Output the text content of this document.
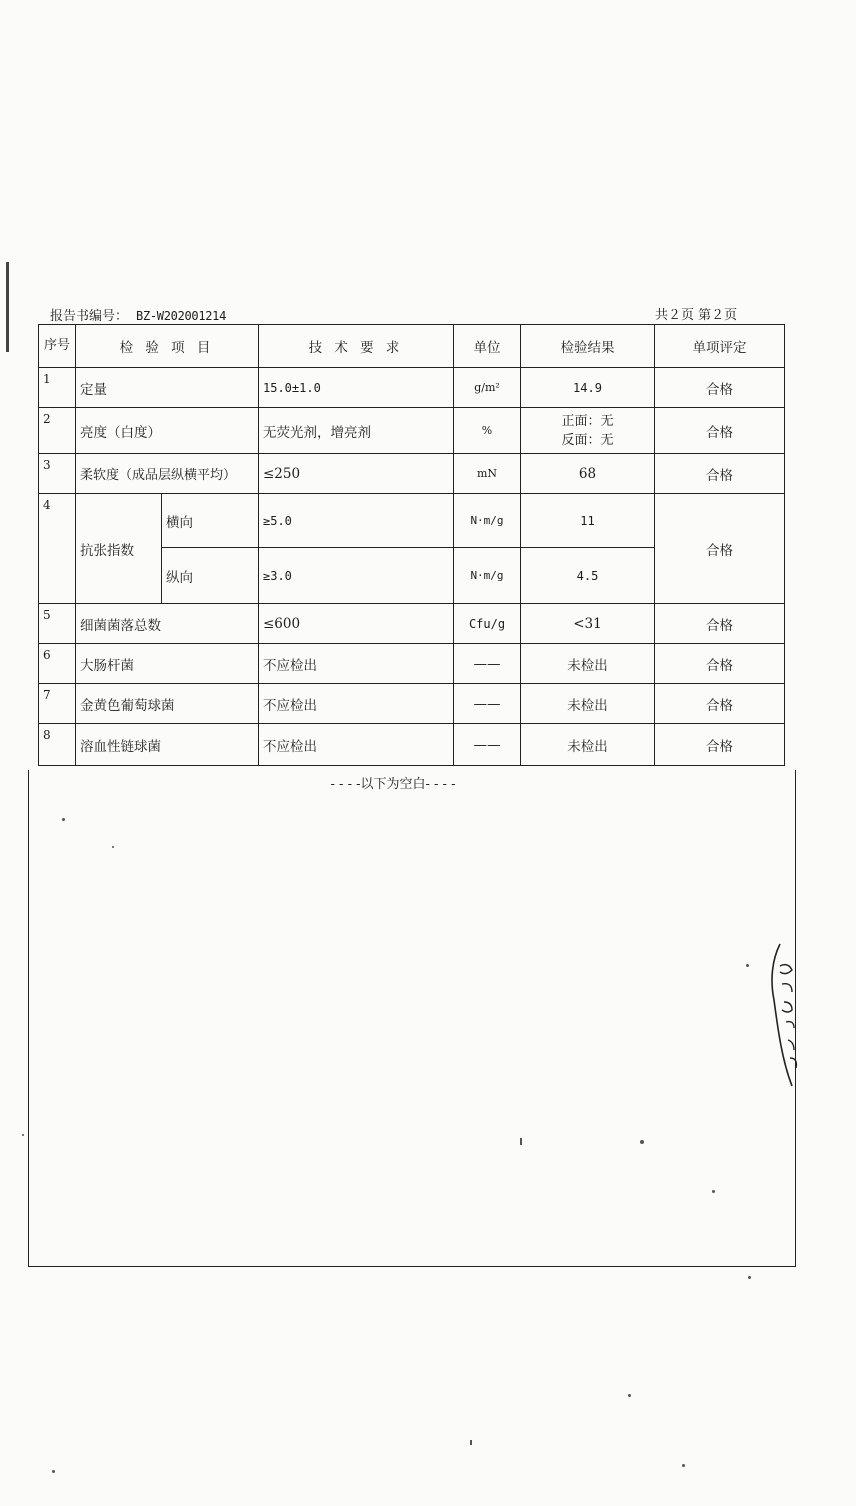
报告书编号： BZ-W202001214	共２页 第２页
序号	检 验 项 目		技 术 要 求	单位	检验结果	单项评定
1	定量		15.0±1.0	g/m²	14.9	合格
2	亮度（白度）		无荧光剂，增亮剂	%	正面：无
反面：无	合格
3	柔软度（成品层纵横平均）		≤250	mN	68	合格
4	抗张指数	横向	≥5.0	N·m/g	11	合格
		纵向	≥3.0	N·m/g	4.5	
5	细菌菌落总数		≤600	Cfu/g	<31	合格
6	大肠杆菌		不应检出	——	未检出	合格
7	金黄色葡萄球菌		不应检出	——	未检出	合格
8	溶血性链球菌		不应检出	——	未检出	合格
- - - -以下为空白- - - -
